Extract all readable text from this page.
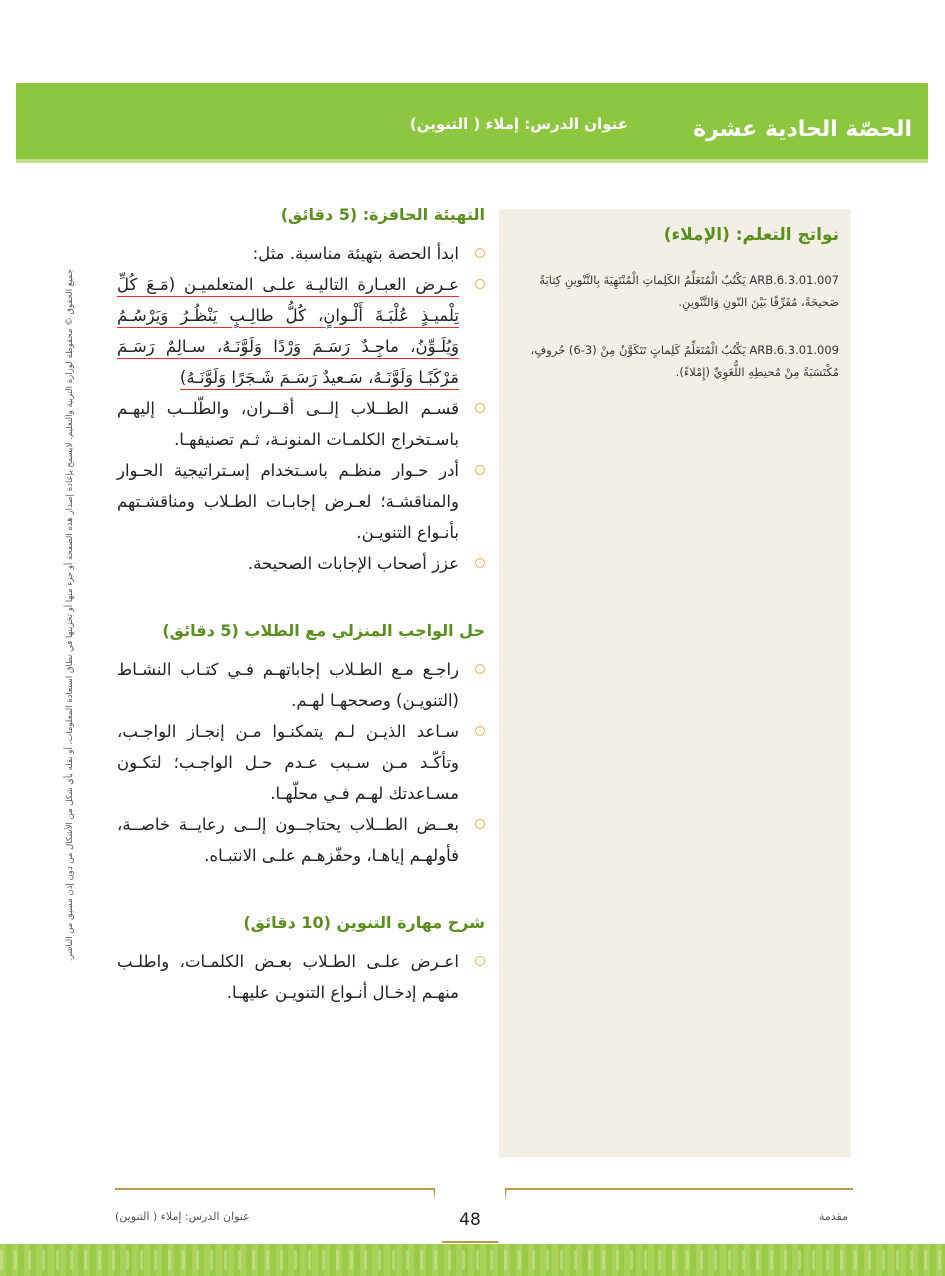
الحصّة الحادية عشرة
عنوان الدرس: إملاء ( التنوين)
جميع الحقوق © محفوظة لوزارة التربية والتعليم. لايسمح بإعادة إصدار هذه الصفحة أو جزء منها أو تخزينها في نطاق استعادة المعلومات، أو نقله بأي شكل من الأشكال من دون إذن مسبق من الناشر.
التهيئة الحافزة: (5 دقائق)
ابدأ الحصة بتهيئة مناسبة. مثل:
عـرض العبـارة التاليـة علـى المتعلميـن (مَـعَ كُلِّ تِلْميـذٍ عُلْبَـةَ أَلْـوانٍ، كُلُّ طالِـبٍ يَنْظُـرُ وَيَرْسُـمُ وَيُلَـوِّنُ، ماجِـدٌ رَسَـمَ وَرْدًا وَلَوَّنَـهُ، سـالِمٌ رَسَـمَ مَرْكَبًـا وَلَوَّنَـهُ، سَـعيدٌ رَسَـمَ شَـجَرًا وَلَوَّنَـهُ)
قسـم الطــلاب إلــى أقــران، والطّلــب إليهـم باسـتخراج الكلمـات المنونـة، ثـم تصنيفهـا.
أدر حـوار منظـم باسـتخدام إسـتراتيجية الحـوار والمناقشـة؛ لعـرض إجابـات الطـلاب ومناقشـتهم بأنـواع التنويـن.
عزز أصحاب الإجابات الصحيحة.
حل الواجب المنزلي مع الطلاب (5 دقائق)
راجـع مـع الطـلاب إجاباتهـم فـي كتـاب النشـاط (التنويـن) وصححهـا لهـم.
سـاعد الذيـن لـم يتمكنـوا مـن إنجـاز الواجـب، وتأكّـد مـن سـبب عـدم حـل الواجـب؛ لتكـون مسـاعدتك لهـم فـي محلّهـا.
بعــض الطــلاب يحتاجــون إلــى رعايــة خاصــة، فأولهـم إياهـا، وحفّزهـم علـى الانتبـاه.
شرح مهارة التنوين (10 دقائق)
اعـرض علـى الطـلاب بعـض الكلمـات، واطلـب منهـم إدخـال أنـواع التنويـن عليهـا.
نواتج التعلم: (الإملاء)
ARB.6.3.01.007 يَكْتُبُ الْمُتَعَلِّمُ الكَلِماتِ الْمُنْتَهِيَةَ بِالتَّنْوينِ كِتابَةً صَحيحَةً، مُفَرِّقًا بَيْنَ النّونِ وَالتَّنْوينِ.
ARB.6.3.01.009 يَكْتُبُ الْمُتَعَلِّمُ كَلِماتٍ تَتَكَوَّنُ مِنْ (3-6) حُروفٍ، مُكْتَسَبَةً مِنْ مُحيطِهِ اللُّغَوِيِّ (إِمْلاءً).
48
عنوان الدرس: إملاء ( التنوين)	مقدمة
